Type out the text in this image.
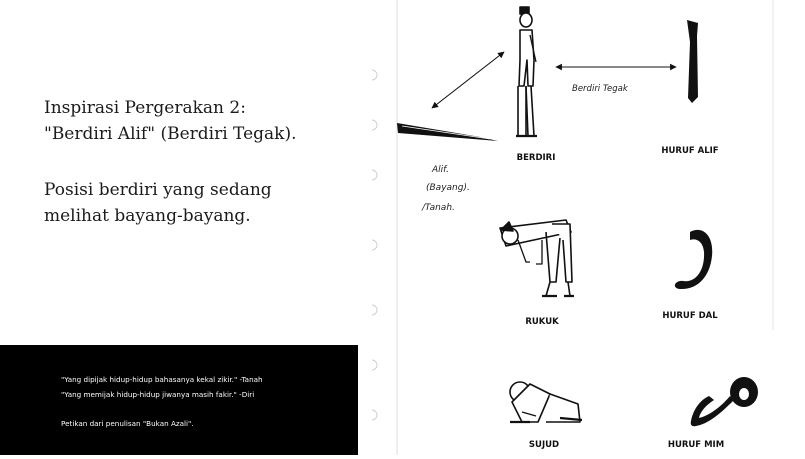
Inspirasi Pergerakan 2:
"Berdiri Alif" (Berdiri Tegak).
Posisi berdiri yang sedang
melihat bayang-bayang.
"Yang dipijak hidup-hidup bahasanya kekal zikir." -Tanah
"Yang memijak hidup-hidup jiwanya masih fakir." -Diri
Petikan dari penulisan "Bukan Azali".
Berdiri Tegak
Alif.
(Bayang).
/Tanah.
BERDIRI
HURUF ALIF
RUKUK
HURUF DAL
SUJUD	HURUF MIM
